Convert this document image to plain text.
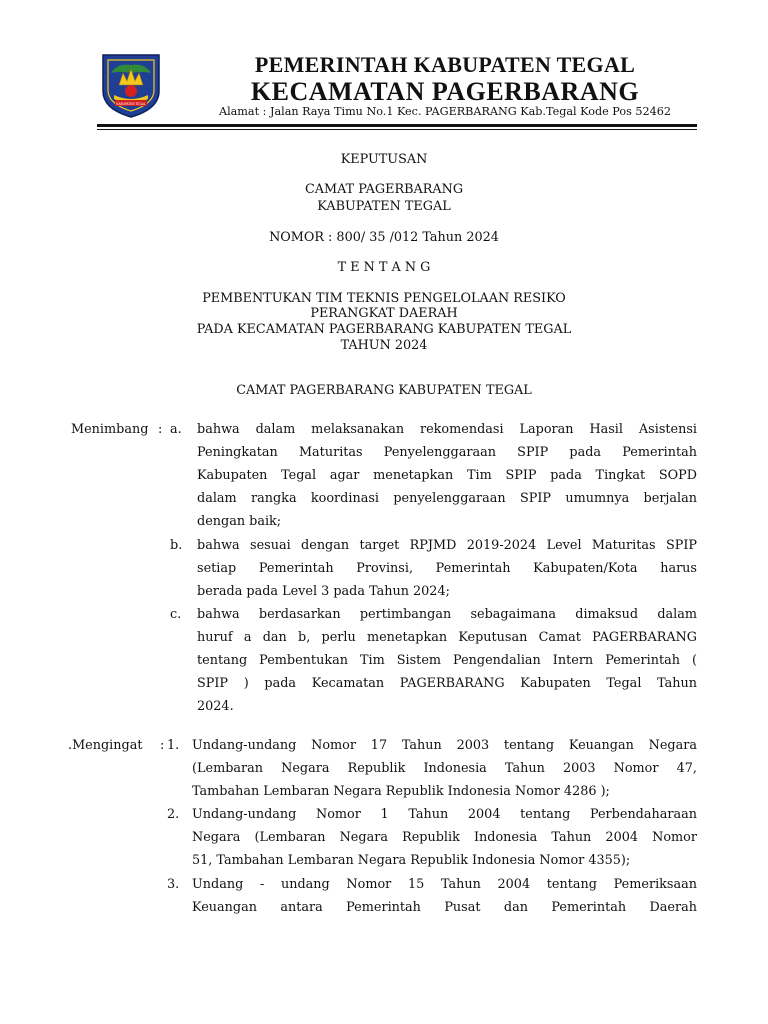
KABUPATEN TEGAL
PEMERINTAH KABUPATEN TEGAL
KECAMATAN PAGERBARANG
Alamat : Jalan Raya Timu No.1 Kec. PAGERBARANG Kab.Tegal Kode Pos 52462
KEPUTUSAN
CAMAT PAGERBARANG
KABUPATEN TEGAL
NOMOR : 800/ 35 /012 Tahun 2024
T E N T A N G
PEMBENTUKAN TIM TEKNIS PENGELOLAAN RESIKO
PERANGKAT DAERAH
PADA KECAMATAN PAGERBARANG KABUPATEN TEGAL
TAHUN 2024
CAMAT PAGERBARANG KABUPATEN TEGAL
Menimbang : a. bahwa dalam melaksanakan rekomendasi Laporan Hasil Asistensi
Peningkatan Maturitas Penyelenggaraan SPIP pada Pemerintah
Kabupaten Tegal agar menetapkan Tim SPIP pada Tingkat SOPD
dalam rangka koordinasi penyelenggaraan SPIP umumnya berjalan
dengan baik;
b. bahwa sesuai dengan target RPJMD 2019-2024 Level Maturitas SPIP
setiap Pemerintah Provinsi, Pemerintah Kabupaten/Kota harus
berada pada Level 3 pada Tahun 2024;
c. bahwa berdasarkan pertimbangan sebagaimana dimaksud dalam
huruf a dan b, perlu menetapkan Keputusan Camat PAGERBARANG
tentang Pembentukan Tim Sistem Pengendalian Intern Pemerintah (
SPIP ) pada Kecamatan PAGERBARANG Kabupaten Tegal Tahun
2024.
.Mengingat : 1. Undang-undang Nomor 17 Tahun 2003 tentang Keuangan Negara
(Lembaran Negara Republik Indonesia Tahun 2003 Nomor 47,
Tambahan Lembaran Negara Republik Indonesia Nomor 4286 );
2. Undang-undang Nomor 1 Tahun 2004 tentang Perbendaharaan
Negara (Lembaran Negara Republik Indonesia Tahun 2004 Nomor
51, Tambahan Lembaran Negara Republik Indonesia Nomor 4355);
3. Undang - undang Nomor 15 Tahun 2004 tentang Pemeriksaan
Keuangan antara Pemerintah Pusat dan Pemerintah Daerah
